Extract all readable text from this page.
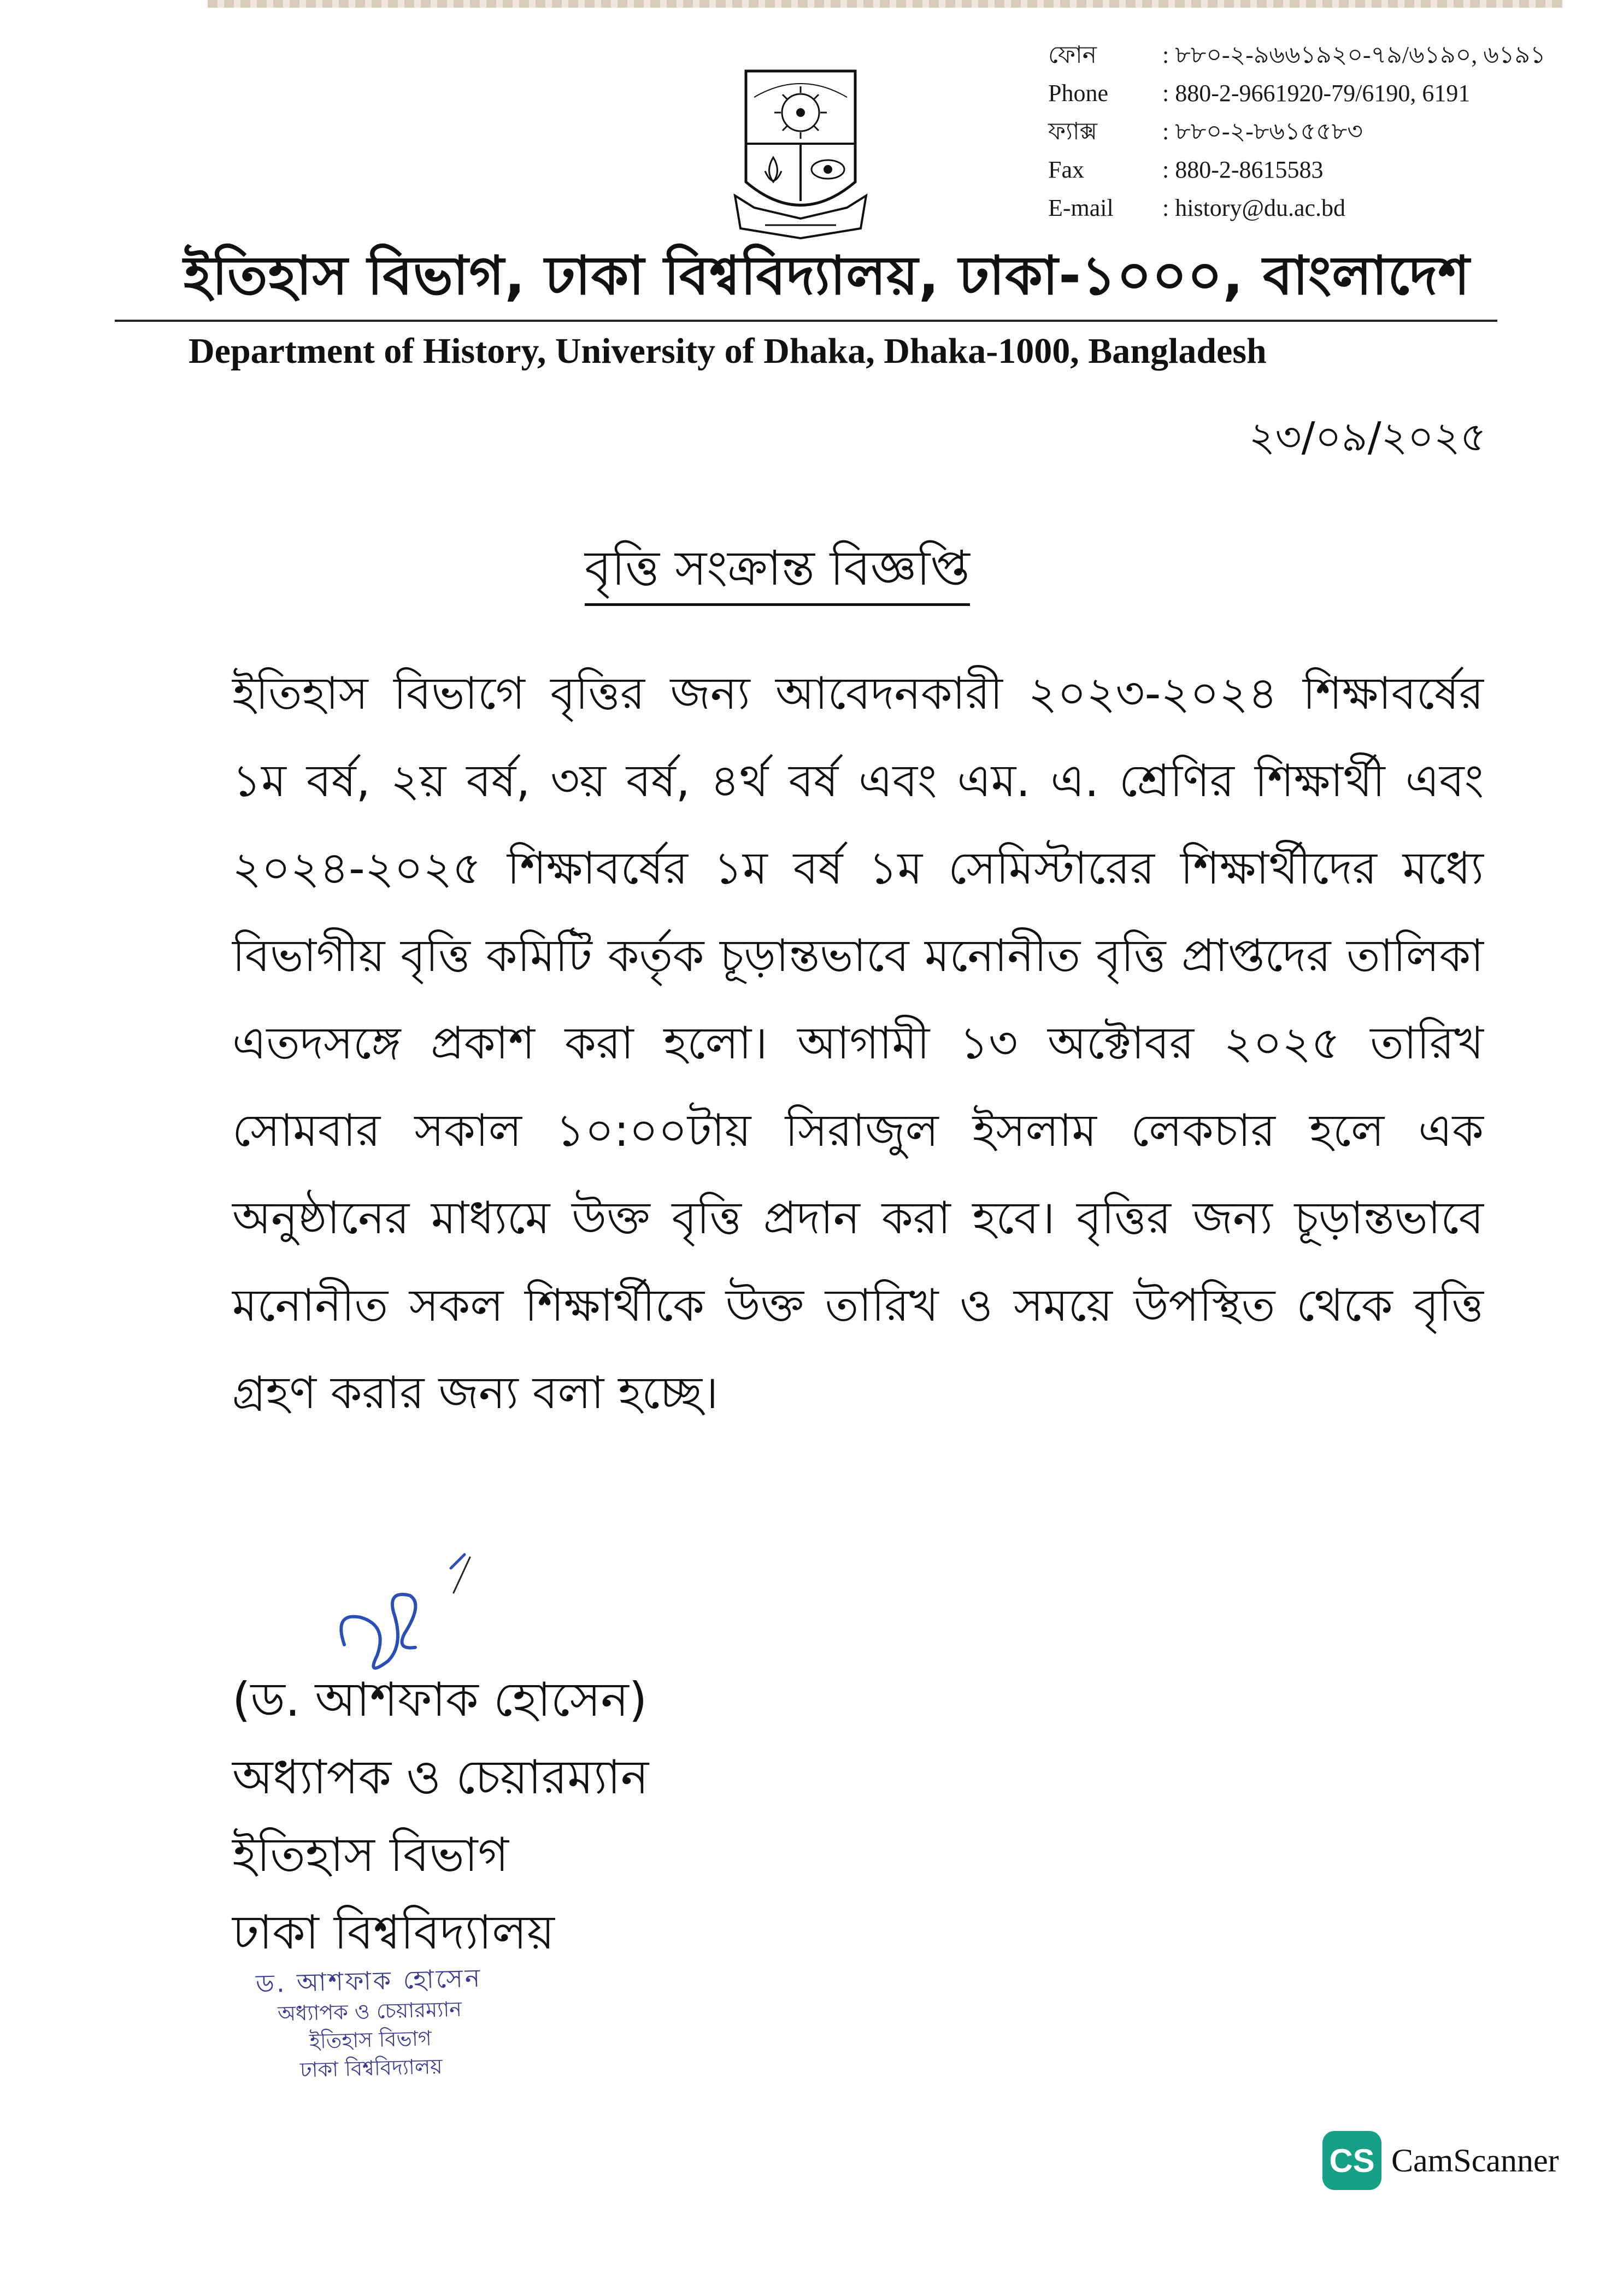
ফোন	: ৮৮০-২-৯৬৬১৯২০-৭৯/৬১৯০, ৬১৯১
Phone	: 880-2-9661920-79/6190, 6191
ফ্যাক্স	: ৮৮০-২-৮৬১৫৫৮৩
Fax	: 880-2-8615583
E-mail	: history@du.ac.bd
ইতিহাস বিভাগ, ঢাকা বিশ্ববিদ্যালয়, ঢাকা-১০০০, বাংলাদেশ
Department of History, University of Dhaka, Dhaka-1000, Bangladesh
২৩/০৯/২০২৫
বৃত্তি সংক্রান্ত বিজ্ঞপ্তি
ইতিহাস বিভাগে বৃত্তির জন্য আবেদনকারী ২০২৩-২০২৪ শিক্ষাবর্ষের ১ম বর্ষ, ২য় বর্ষ, ৩য় বর্ষ, ৪র্থ বর্ষ এবং এম. এ. শ্রেণির শিক্ষার্থী এবং ২০২৪-২০২৫ শিক্ষাবর্ষের ১ম বর্ষ ১ম সেমিস্টারের শিক্ষার্থীদের মধ্যে বিভাগীয় বৃত্তি কমিটি কর্তৃক চূড়ান্তভাবে মনোনীত বৃত্তি প্রাপ্তদের তালিকা এতদসঙ্গে প্রকাশ করা হলো। আগামী ১৩ অক্টোবর ২০২৫ তারিখ সোমবার সকাল ১০:০০টায় সিরাজুল ইসলাম লেকচার হলে এক অনুষ্ঠানের মাধ্যমে উক্ত বৃত্তি প্রদান করা হবে। বৃত্তির জন্য চূড়ান্তভাবে মনোনীত সকল শিক্ষার্থীকে উক্ত তারিখ ও সময়ে উপস্থিত থেকে বৃত্তি গ্রহণ করার জন্য বলা হচ্ছে।
(ড. আশফাক হোসেন)
অধ্যাপক ও চেয়ারম্যান
ইতিহাস বিভাগ
ঢাকা বিশ্ববিদ্যালয়
ড. আশফাক হোসেন
অধ্যাপক ও চেয়ারম্যান
ইতিহাস বিভাগ
ঢাকা বিশ্ববিদ্যালয়
CS CamScanner
